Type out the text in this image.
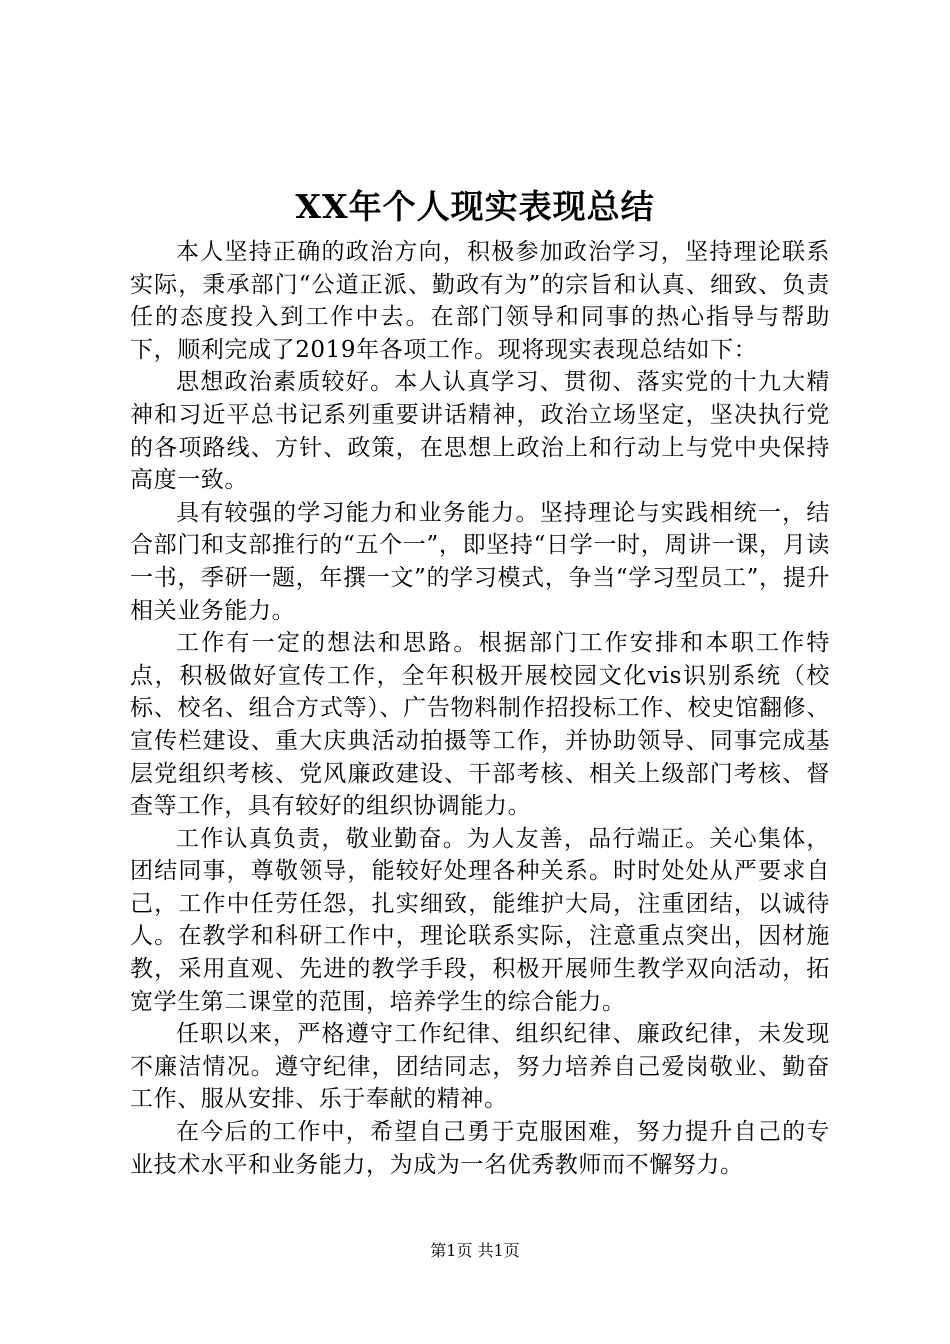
XX年个人现实表现总结

本人坚持正确的政治方向，积极参加政治学习，坚持理论联系实际，秉承部门“公道正派、勤政有为”的宗旨和认真、细致、负责任的态度投入到工作中去。在部门领导和同事的热心指导与帮助下，顺利完成了2019年各项工作。现将现实表现总结如下：

思想政治素质较好。本人认真学习、贯彻、落实党的十九大精神和习近平总书记系列重要讲话精神，政治立场坚定，坚决执行党的各项路线、方针、政策，在思想上政治上和行动上与党中央保持高度一致。

具有较强的学习能力和业务能力。坚持理论与实践相统一，结合部门和支部推行的“五个一”，即坚持“日学一时，周讲一课，月读一书，季研一题，年撰一文”的学习模式，争当“学习型员工”，提升相关业务能力。

工作有一定的想法和思路。根据部门工作安排和本职工作特点，积极做好宣传工作，全年积极开展校园文化vis识别系统（校标、校名、组合方式等）、广告物料制作招投标工作、校史馆翻修、宣传栏建设、重大庆典活动拍摄等工作，并协助领导、同事完成基层党组织考核、党风廉政建设、干部考核、相关上级部门考核、督查等工作，具有较好的组织协调能力。

工作认真负责，敬业勤奋。为人友善，品行端正。关心集体，团结同事，尊敬领导，能较好处理各种关系。时时处处从严要求自己，工作中任劳任怨，扎实细致，能维护大局，注重团结，以诚待人。在教学和科研工作中，理论联系实际，注意重点突出，因材施教，采用直观、先进的教学手段，积极开展师生教学双向活动，拓宽学生第二课堂的范围，培养学生的综合能力。

任职以来，严格遵守工作纪律、组织纪律、廉政纪律，未发现不廉洁情况。遵守纪律，团结同志，努力培养自己爱岗敬业、勤奋工作、服从安排、乐于奉献的精神。

在今后的工作中，希望自己勇于克服困难，努力提升自己的专业技术水平和业务能力，为成为一名优秀教师而不懈努力。

第1页 共1页
